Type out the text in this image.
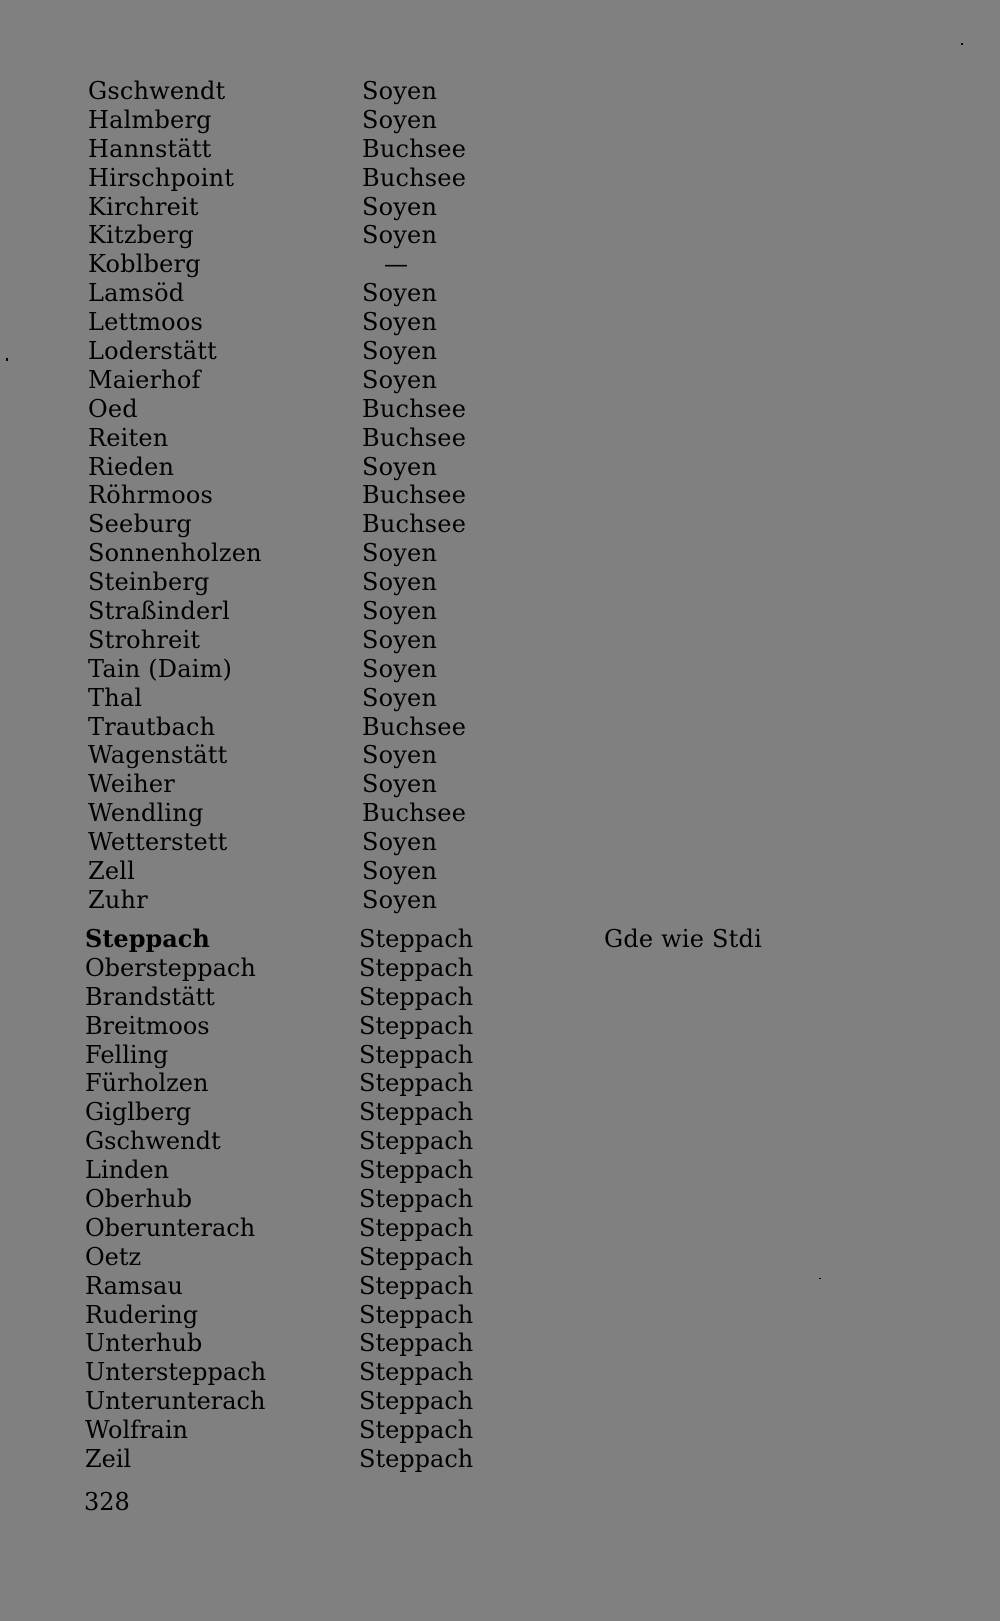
Gschwendt
Halmberg
Hannstätt
Hirschpoint
Kirchreit
Kitzberg
Koblberg
Lamsöd
Lettmoos
Loderstätt
Maierhof
Oed
Reiten
Rieden
Röhrmoos
Seeburg
Sonnenholzen
Steinberg
Straßinderl
Strohreit
Tain (Daim)
Thal
Trautbach
Wagenstätt
Weiher
Wendling
Wetterstett
Zell
Zuhr
Soyen
Soyen
Buchsee
Buchsee
Soyen
Soyen
—
Soyen
Soyen
Soyen
Soyen
Buchsee
Buchsee
Soyen
Buchsee
Buchsee
Soyen
Soyen
Soyen
Soyen
Soyen
Soyen
Buchsee
Soyen
Soyen
Buchsee
Soyen
Soyen
Soyen
Steppach
Obersteppach
Brandstätt
Breitmoos
Felling
Fürholzen
Giglberg
Gschwendt
Linden
Oberhub
Oberunterach
Oetz
Ramsau
Rudering
Unterhub
Untersteppach
Unterunterach
Wolfrain
Zeil
Steppach
Steppach
Steppach
Steppach
Steppach
Steppach
Steppach
Steppach
Steppach
Steppach
Steppach
Steppach
Steppach
Steppach
Steppach
Steppach
Steppach
Steppach
Steppach
Gde wie Stdi
328
